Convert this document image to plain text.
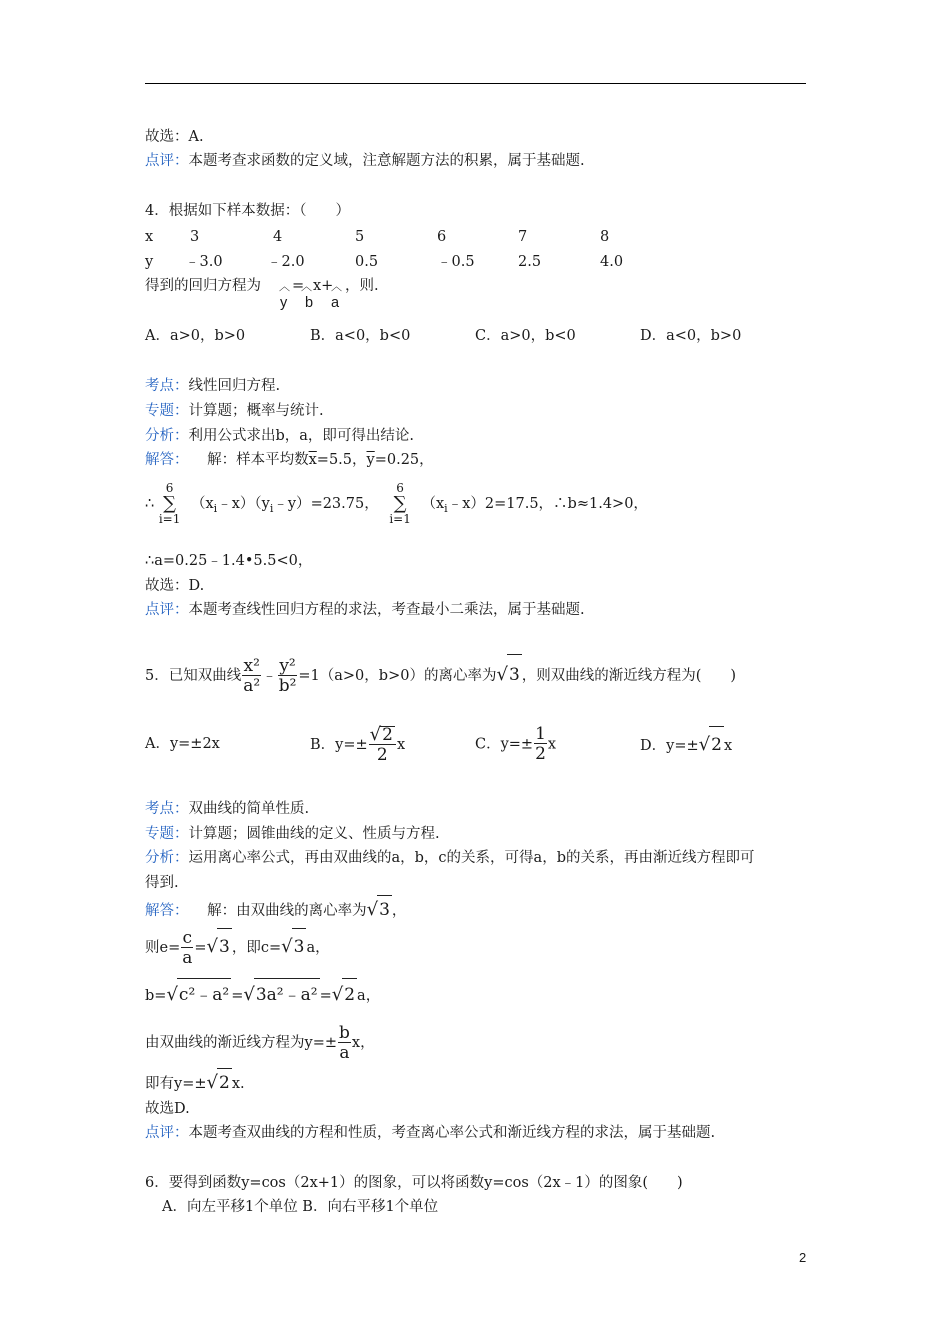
故选：A.
点评：本题考查求函数的定义域，注意解题方法的积累，属于基础题.
4．根据如下样本数据：（　　）
x	3	4	5	6	7	8
y ﹣3.0	﹣2.0	0.5	﹣0.5	2.5	4.0
得到的回归方程为 ︿ =
︿ x+
︿ ，则.
y b a
A．a>0，b>0	B．a<0，b<0	C．a>0，b<0	D．a<0，b>0
考点：线性回归方程.
专题：计算题；概率与统计.
分析：利用公式求出b，a，即可得出结论.
解答： 解：样本平均数$\overline{x}=5.5$，$\overline{y}=0.25$，
∴
6
∑
i=1
$(x_i﹣x)(y_i﹣y)=23.75$，
6
∑
i=1
$(x_i﹣x)2=17.5$，∴b≈1.4>0，
∴a=0.25﹣1.4•5.5<0，
故选：D.
点评：本题考查线性回归方程的求法，考查最小二乘法，属于基础题.
5．已知双曲线 $\frac{\text{x²}}{\text{a²}}$ ﹣ $\frac{\text{y²}}{\text{b²}} =1(a>0$，b>0）的离心率为√3 ，则双曲线的渐近线方程为(　　)
A．y=±2x	B．$y=\pm \frac{√2}{2}$ x	C．$y=\pm \frac{1}{2}$ x	D．y=±√2 x
考点：双曲线的简单性质.
专题：计算题；圆锥曲线的定义、性质与方程.
分析：运用离心率公式，再由双曲线的a，b，c的关系，可得a，b的关系，再由渐近线方程即可
得到.
解答： 解：由双曲线的离心率为√3 ，
则$e= \frac{c}{a} =√3$ ，即c=√3 a，
b=√c²﹣a² =√3a²﹣a² =√2 a，
由双曲线的渐近线方程为$y=\pm \frac{b}{a}$ x，
即有y=±√2 x.
故选D.
点评：本题考查双曲线的方程和性质，考查离心率公式和渐近线方程的求法，属于基础题.
6．要得到函数y=cos（2x+1）的图象，可以将函数y=cos（2x﹣1）的图象(　　)
A．向左平移1个单位 B．向右平移1个单位
2
